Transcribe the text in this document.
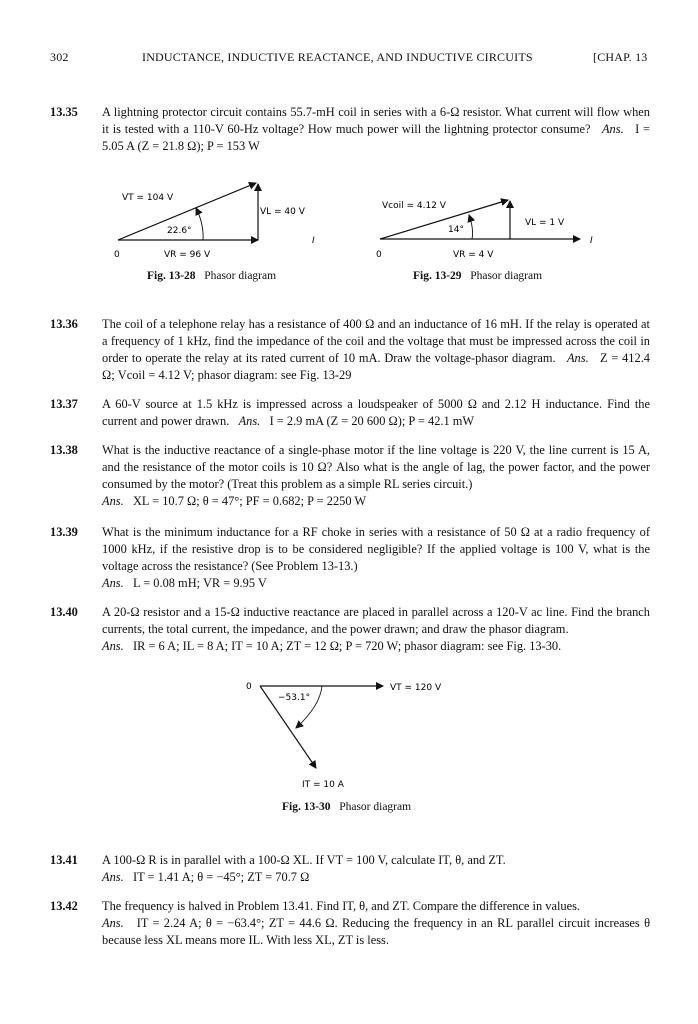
302	INDUCTANCE, INDUCTIVE REACTANCE, AND INDUCTIVE CIRCUITS	[CHAP. 13
13.35 A lightning protector circuit contains 55.7-mH coil in series with a 6-Ω resistor. What current will flow when it is tested with a 110-V 60-Hz voltage? How much power will the lightning protector consume? Ans. I = 5.05 A (Z = 21.8 Ω); P = 153 W
VT = 104 V
VL = 40 V
22.6°
VR = 96 V
0
I
Fig. 13-28 Phasor diagram
Vcoil = 4.12 V
VL = 1 V
14°
VR = 4 V
0
I
Fig. 13-29 Phasor diagram
13.36 The coil of a telephone relay has a resistance of 400 Ω and an inductance of 16 mH. If the relay is operated at a frequency of 1 kHz, find the impedance of the coil and the voltage that must be impressed across the coil in order to operate the relay at its rated current of 10 mA. Draw the voltage-phasor diagram. Ans. Z = 412.4 Ω; Vcoil = 4.12 V; phasor diagram: see Fig. 13-29
13.37 A 60-V source at 1.5 kHz is impressed across a loudspeaker of 5000 Ω and 2.12 H inductance. Find the current and power drawn. Ans. I = 2.9 mA (Z = 20 600 Ω); P = 42.1 mW
13.38 What is the inductive reactance of a single-phase motor if the line voltage is 220 V, the line current is 15 A, and the resistance of the motor coils is 10 Ω? Also what is the angle of lag, the power factor, and the power consumed by the motor? (Treat this problem as a simple RL series circuit.)
Ans. XL = 10.7 Ω; θ = 47°; PF = 0.682; P = 2250 W
13.39 What is the minimum inductance for a RF choke in series with a resistance of 50 Ω at a radio frequency of 1000 kHz, if the resistive drop is to be considered negligible? If the applied voltage is 100 V, what is the voltage across the resistance? (See Problem 13-13.)
Ans. L = 0.08 mH; VR = 9.95 V
13.40 A 20-Ω resistor and a 15-Ω inductive reactance are placed in parallel across a 120-V ac line. Find the branch currents, the total current, the impedance, and the power drawn; and draw the phasor diagram.
Ans. IR = 6 A; IL = 8 A; IT = 10 A; ZT = 12 Ω; P = 720 W; phasor diagram: see Fig. 13-30.
0	VT = 120 V
−53.1°
IT = 10 A
Fig. 13-30 Phasor diagram
13.41 A 100-Ω R is in parallel with a 100-Ω XL. If VT = 100 V, calculate IT, θ, and ZT.
Ans. IT = 1.41 A; θ = −45°; ZT = 70.7 Ω
13.42 The frequency is halved in Problem 13.41. Find IT, θ, and ZT. Compare the difference in values.
Ans. IT = 2.24 A; θ = −63.4°; ZT = 44.6 Ω. Reducing the frequency in an RL parallel circuit increases θ because less XL means more IL. With less XL, ZT is less.
